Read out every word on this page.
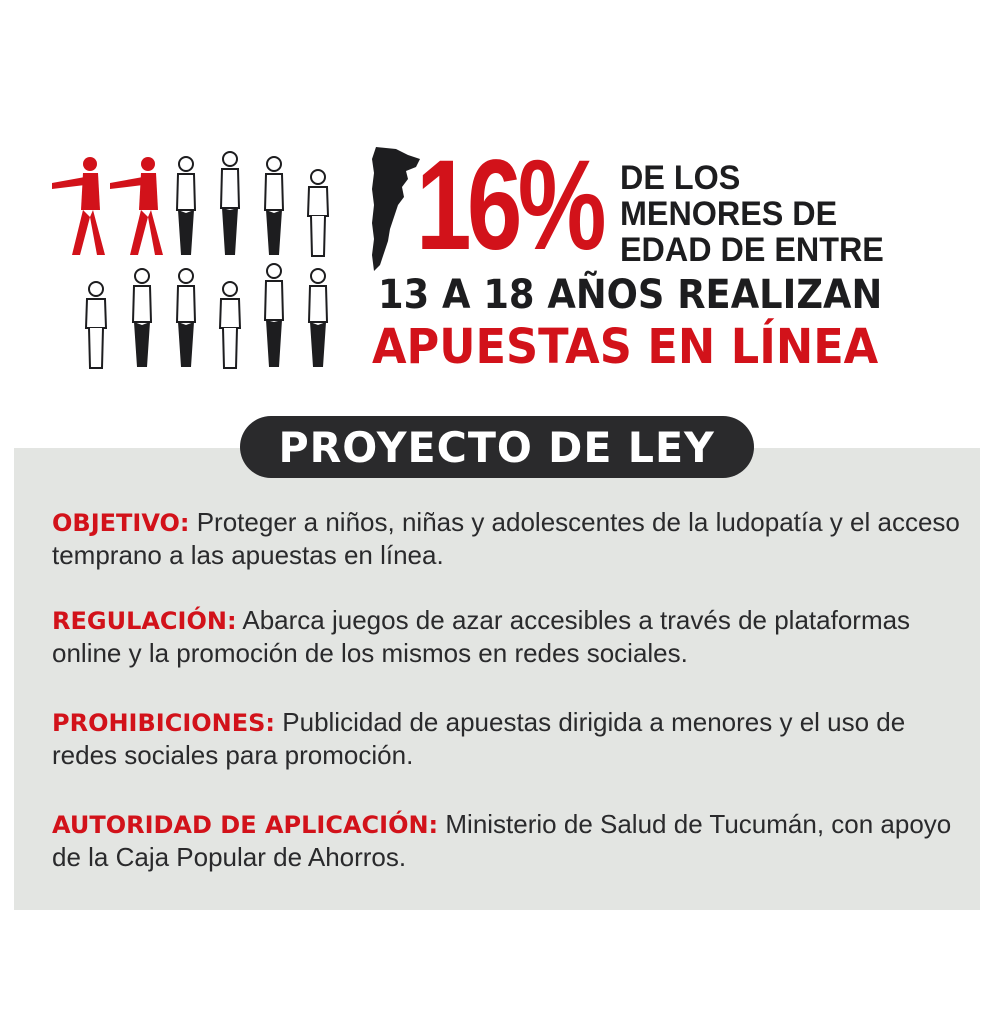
16% DE LOS
MENORES DE
EDAD DE ENTRE
13 A 18 AÑOS REALIZAN
APUESTAS EN LÍNEA
PROYECTO DE LEY
OBJETIVO: Proteger a niños, niñas y adolescentes de la ludopatía y el acceso temprano a las apuestas en línea.
REGULACIÓN: Abarca juegos de azar accesibles a través de plataformas online y la promoción de los mismos en redes sociales.
PROHIBICIONES: Publicidad de apuestas dirigida a menores y el uso de redes sociales para promoción.
AUTORIDAD DE APLICACIÓN: Ministerio de Salud de Tucumán, con apoyo de la Caja Popular de Ahorros.
